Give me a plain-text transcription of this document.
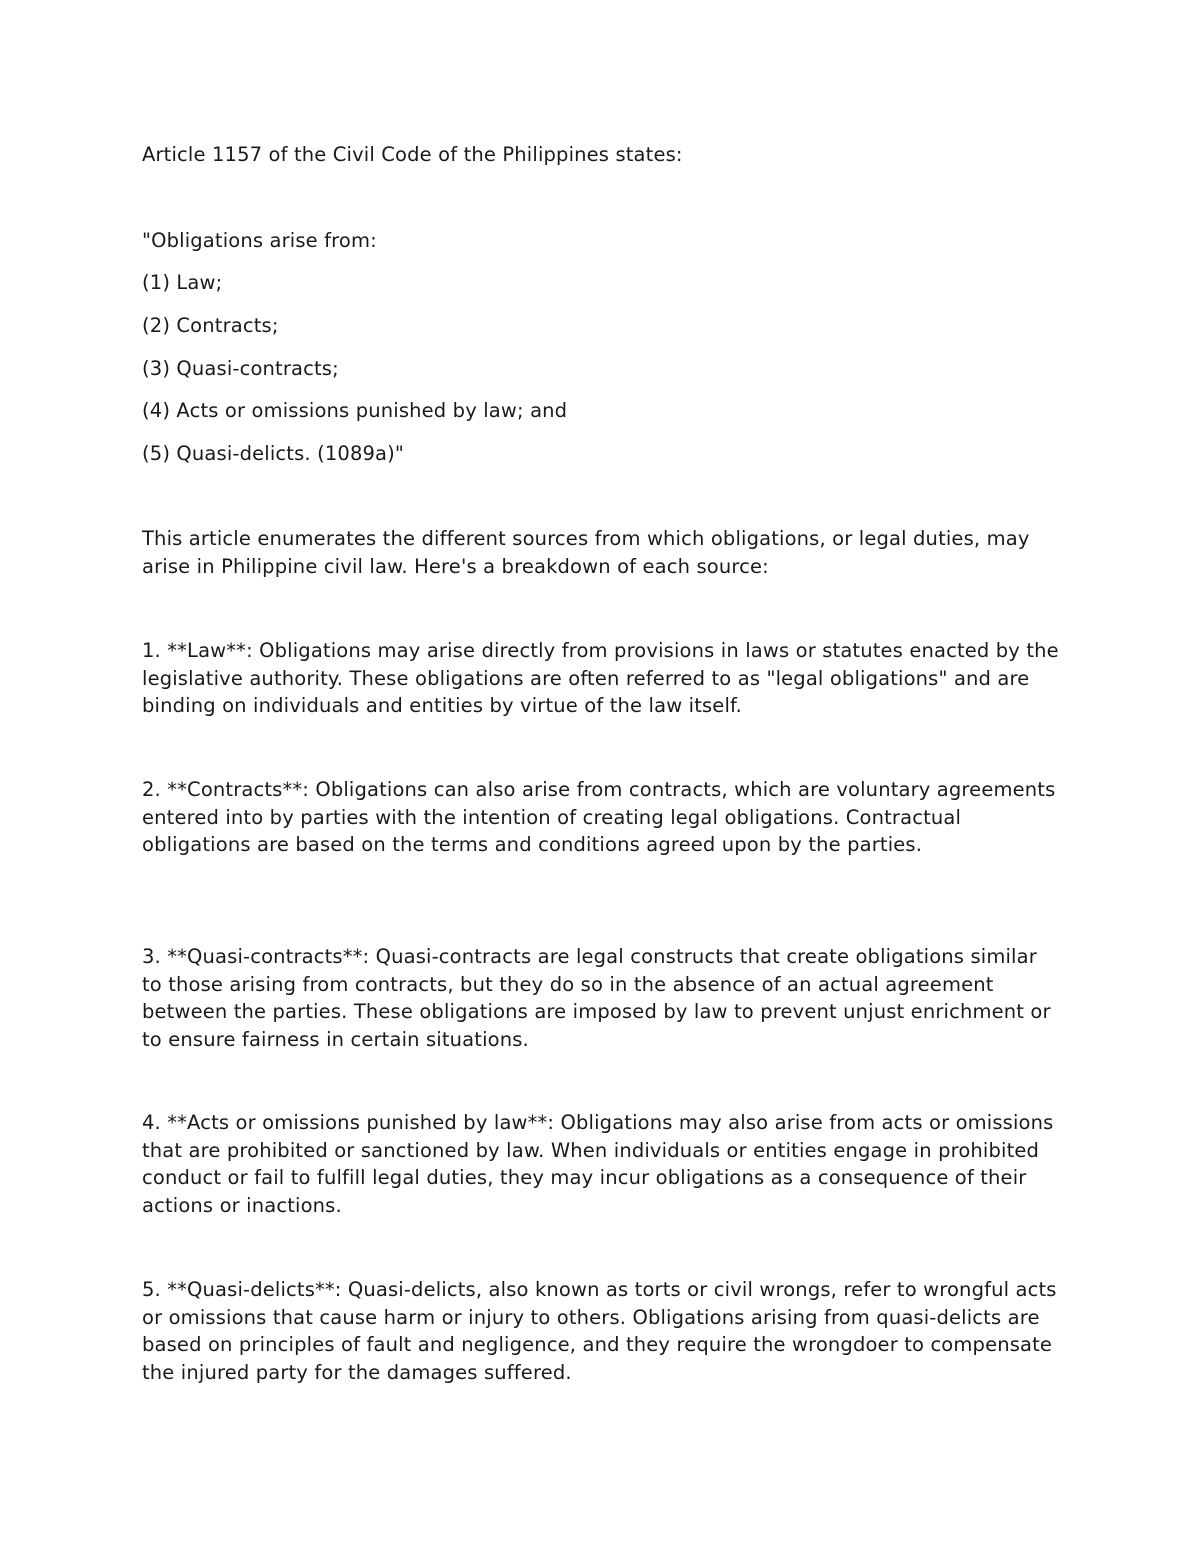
Article 1157 of the Civil Code of the Philippines states:
"Obligations arise from:
(1) Law;
(2) Contracts;
(3) Quasi-contracts;
(4) Acts or omissions punished by law; and
(5) Quasi-delicts. (1089a)"
This article enumerates the different sources from which obligations, or legal duties, may arise in Philippine civil law. Here's a breakdown of each source:
1. **Law**: Obligations may arise directly from provisions in laws or statutes enacted by the legislative authority. These obligations are often referred to as "legal obligations" and are binding on individuals and entities by virtue of the law itself.
2. **Contracts**: Obligations can also arise from contracts, which are voluntary agreements entered into by parties with the intention of creating legal obligations. Contractual obligations are based on the terms and conditions agreed upon by the parties.
3. **Quasi-contracts**: Quasi-contracts are legal constructs that create obligations similar to those arising from contracts, but they do so in the absence of an actual agreement between the parties. These obligations are imposed by law to prevent unjust enrichment or to ensure fairness in certain situations.
4. **Acts or omissions punished by law**: Obligations may also arise from acts or omissions that are prohibited or sanctioned by law. When individuals or entities engage in prohibited conduct or fail to fulfill legal duties, they may incur obligations as a consequence of their actions or inactions.
5. **Quasi-delicts**: Quasi-delicts, also known as torts or civil wrongs, refer to wrongful acts or omissions that cause harm or injury to others. Obligations arising from quasi-delicts are based on principles of fault and negligence, and they require the wrongdoer to compensate the injured party for the damages suffered.
